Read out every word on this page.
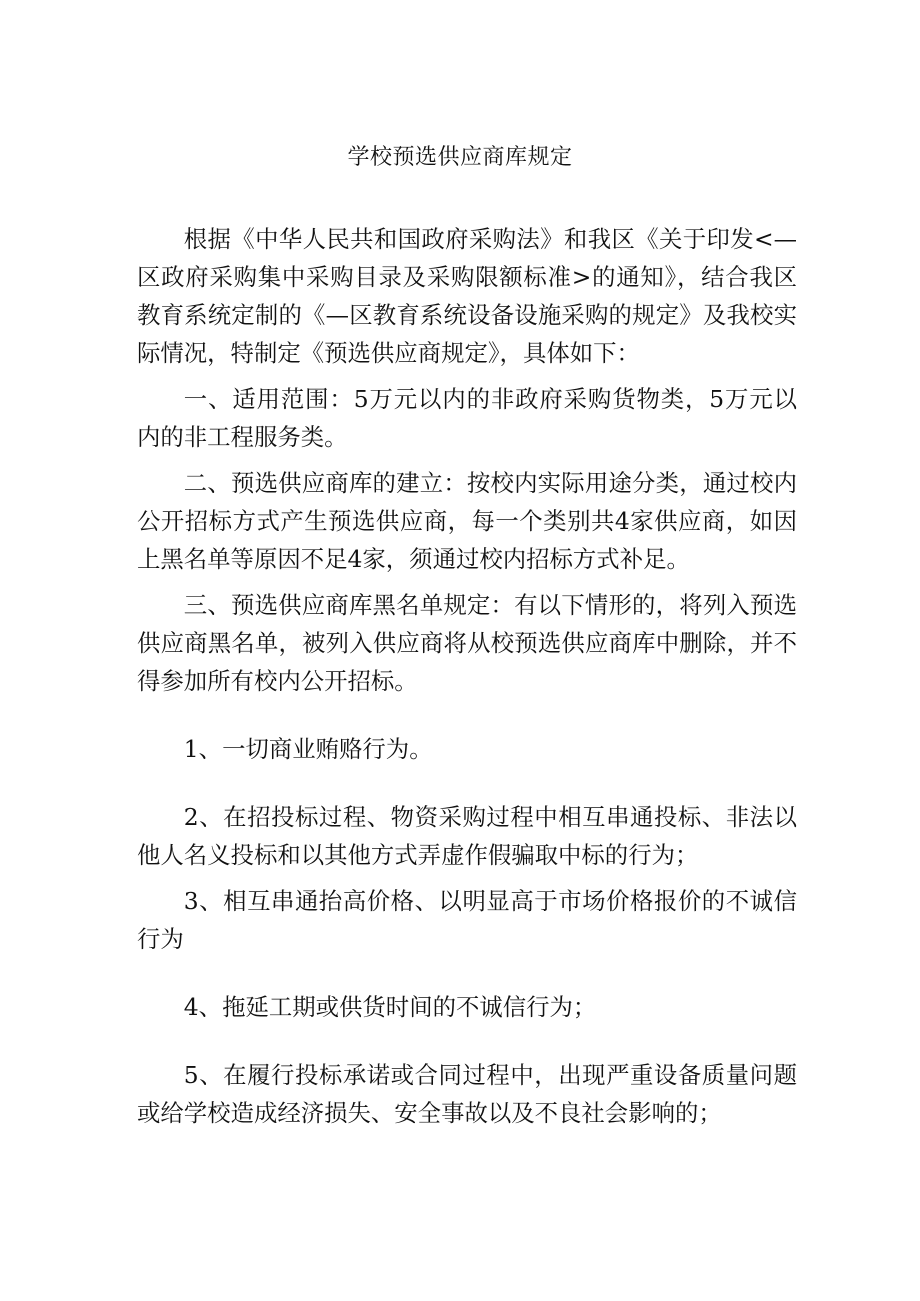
学校预选供应商库规定

根据《中华人民共和国政府采购法》和我区《关于印发<—区政府采购集中采购目录及采购限额标准>的通知》，结合我区教育系统定制的《—区教育系统设备设施采购的规定》及我校实际情况，特制定《预选供应商规定》，具体如下：

一、适用范围：5万元以内的非政府采购货物类，5万元以内的非工程服务类。

二、预选供应商库的建立：按校内实际用途分类，通过校内公开招标方式产生预选供应商，每一个类别共4家供应商，如因上黑名单等原因不足4家，须通过校内招标方式补足。

三、预选供应商库黑名单规定：有以下情形的，将列入预选供应商黑名单，被列入供应商将从校预选供应商库中删除，并不得参加所有校内公开招标。

1、一切商业贿赂行为。

2、在招投标过程、物资采购过程中相互串通投标、非法以他人名义投标和以其他方式弄虚作假骗取中标的行为；

3、相互串通抬高价格、以明显高于市场价格报价的不诚信行为

4、拖延工期或供货时间的不诚信行为；

5、在履行投标承诺或合同过程中，出现严重设备质量问题或给学校造成经济损失、安全事故以及不良社会影响的；
